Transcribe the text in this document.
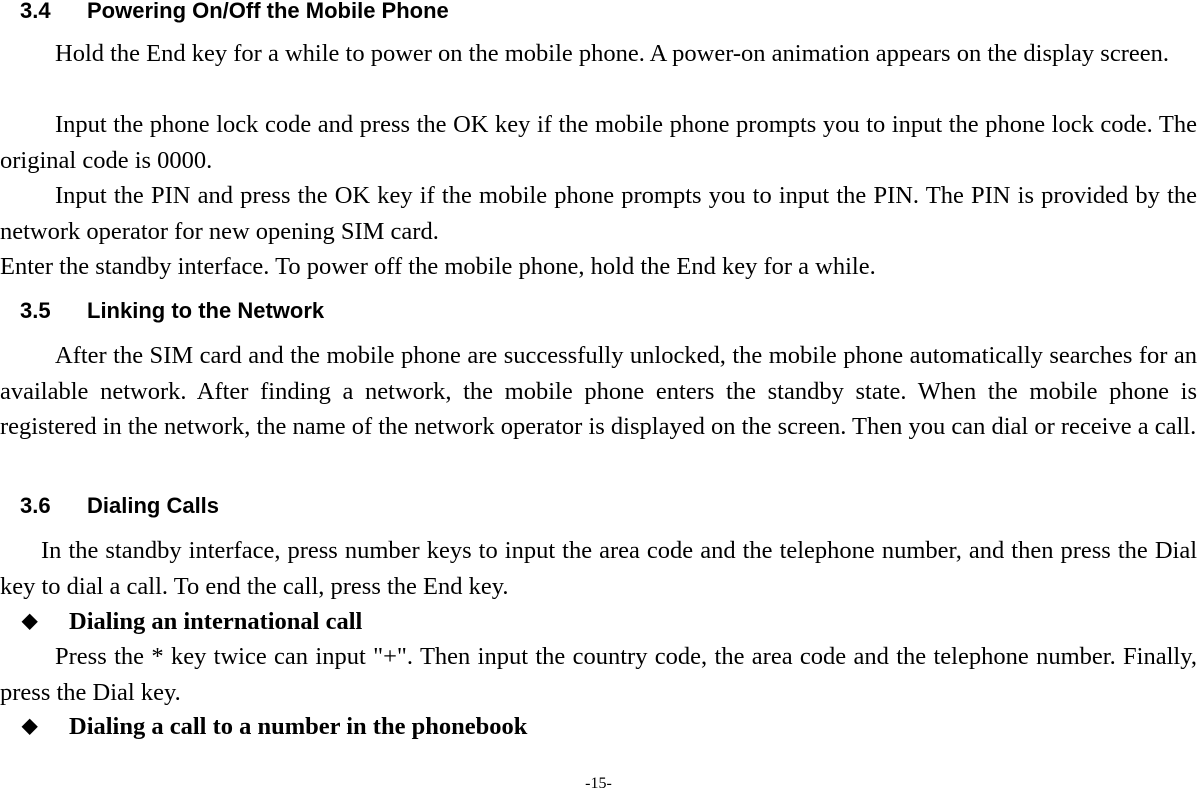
3.4 Powering On/Off the Mobile Phone

Hold the End key for a while to power on the mobile phone. A power-on animation appears on the display screen.

Input the phone lock code and press the OK key if the mobile phone prompts you to input the phone lock code. The original code is 0000.

Input the PIN and press the OK key if the mobile phone prompts you to input the PIN. The PIN is provided by the network operator for new opening SIM card.

Enter the standby interface. To power off the mobile phone, hold the End key for a while.

3.5 Linking to the Network

After the SIM card and the mobile phone are successfully unlocked, the mobile phone automatically searches for an available network. After finding a network, the mobile phone enters the standby state. When the mobile phone is registered in the network, the name of the network operator is displayed on the screen. Then you can dial or receive a call.

3.6 Dialing Calls

In the standby interface, press number keys to input the area code and the telephone number, and then press the Dial key to dial a call. To end the call, press the End key.

◆ Dialing an international call

Press the * key twice can input "+". Then input the country code, the area code and the telephone number. Finally, press the Dial key.

◆ Dialing a call to a number in the phonebook
-15-
